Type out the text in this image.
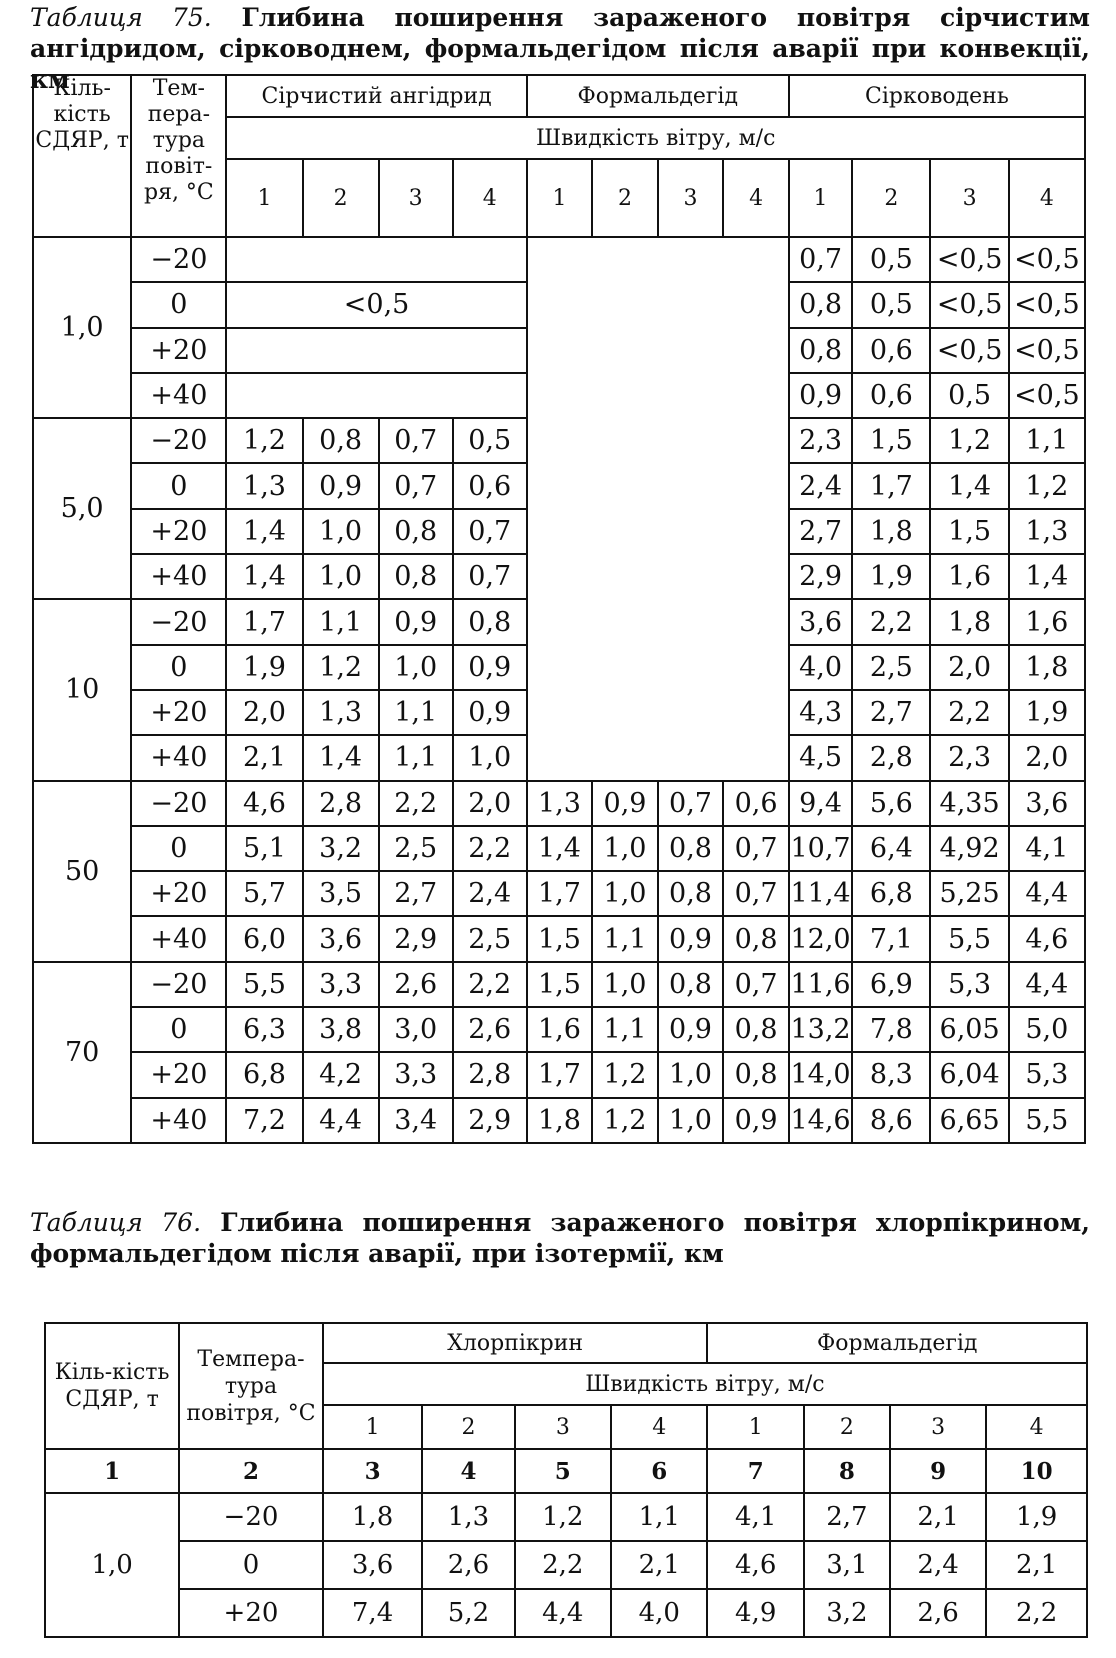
Таблиця 75. Глибина поширення зараженого повітря сірчистим ангідридом, сірководнем, формальдегідом після аварії при конвекції, км
Кіль-кість СДЯР, т	Тем-пера-тура повіт-ря, °С	Сірчистий ангідрид				Формальдегід				Сірководень			
		Швидкість вітру, м/с											
		1	2	3	4	1	2	3	4	1	2	3	4
1,0	−20									0,7	0,5	<0,5	<0,5
	0	<0,5								0,8	0,5	<0,5	<0,5
	+20									0,8	0,6	<0,5	<0,5
	+40									0,9	0,6	0,5	<0,5
5,0	−20	1,2	0,8	0,7	0,5					2,3	1,5	1,2	1,1
	0	1,3	0,9	0,7	0,6					2,4	1,7	1,4	1,2
	+20	1,4	1,0	0,8	0,7					2,7	1,8	1,5	1,3
	+40	1,4	1,0	0,8	0,7					2,9	1,9	1,6	1,4
10	−20	1,7	1,1	0,9	0,8					3,6	2,2	1,8	1,6
	0	1,9	1,2	1,0	0,9					4,0	2,5	2,0	1,8
	+20	2,0	1,3	1,1	0,9					4,3	2,7	2,2	1,9
	+40	2,1	1,4	1,1	1,0					4,5	2,8	2,3	2,0
50	−20	4,6	2,8	2,2	2,0	1,3	0,9	0,7	0,6	9,4	5,6	4,35	3,6
	0	5,1	3,2	2,5	2,2	1,4	1,0	0,8	0,7	10,7	6,4	4,92	4,1
	+20	5,7	3,5	2,7	2,4	1,7	1,0	0,8	0,7	11,4	6,8	5,25	4,4
	+40	6,0	3,6	2,9	2,5	1,5	1,1	0,9	0,8	12,0	7,1	5,5	4,6
70	−20	5,5	3,3	2,6	2,2	1,5	1,0	0,8	0,7	11,6	6,9	5,3	4,4
	0	6,3	3,8	3,0	2,6	1,6	1,1	0,9	0,8	13,2	7,8	6,05	5,0
	+20	6,8	4,2	3,3	2,8	1,7	1,2	1,0	0,8	14,0	8,3	6,04	5,3
	+40	7,2	4,4	3,4	2,9	1,8	1,2	1,0	0,9	14,6	8,6	6,65	5,5
Таблиця 76. Глибина поширення зараженого повітря хлорпікрином, формальдегідом після аварії, при ізотермії, км
Кіль-кість СДЯР, т	Темпера-тура повітря, °С	Хлорпікрин				Формальдегід			
		Швидкість вітру, м/с							
		1	2	3	4	1	2	3	4
1	2	3	4	5	6	7	8	9	10
1,0	−20	1,8	1,3	1,2	1,1	4,1	2,7	2,1	1,9
	0	3,6	2,6	2,2	2,1	4,6	3,1	2,4	2,1
	+20	7,4	5,2	4,4	4,0	4,9	3,2	2,6	2,2
